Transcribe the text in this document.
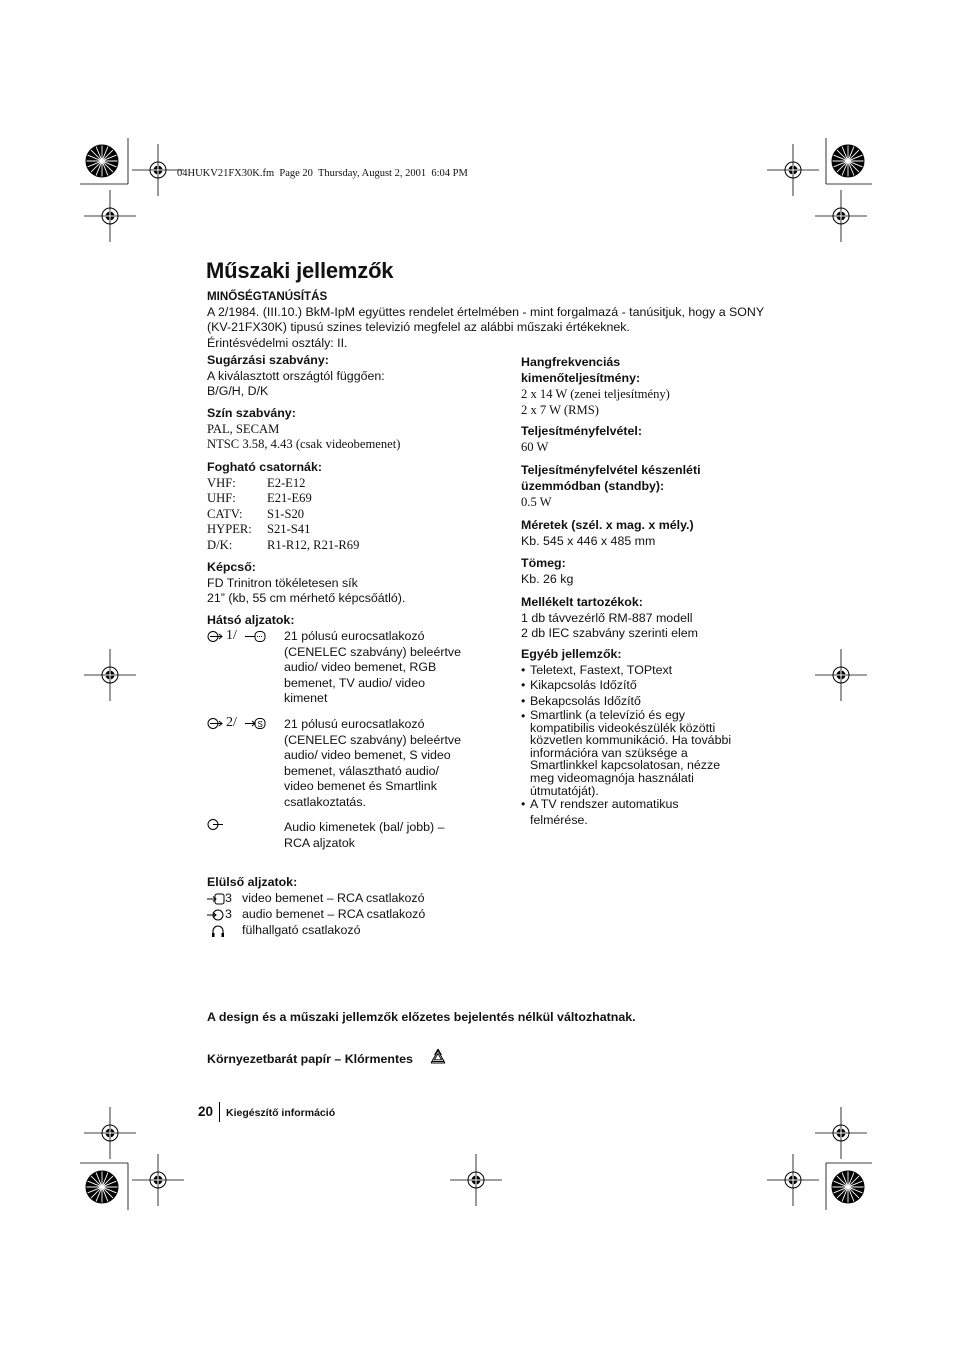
04HUKV21FX30K.fm  Page 20  Thursday, August 2, 2001  6:04 PM
Műszaki jellemzők
MINŐSÉGTANÚSÍTÁS
A 2/1984. (III.10.) BkM-IpM együttes rendelet értelmében - mint forgalmazá - tanúsitjuk, hogy a SONY
(KV-21FX30K) tipusú szines televizió megfelel az alábbi műszaki értékeknek.
Érintésvédelmi osztály: II.
Sugárzási szabvány:
A kiválasztott országtól függően:
B/G/H, D/K
Szín szabvány:
PAL, SECAM
NTSC 3.58, 4.43 (csak videobemenet)
Fogható csatornák:
VHF:	E2-E12
UHF:	E21-E69
CATV:	S1-S20
HYPER:	S21-S41
D/K:	R1-R12, R21-R69
Képcső:
FD Trinitron tökéletesen sík
21” (kb, 55 cm mérhető képcsőátló).
Hátsó aljzatok:
1/	21 pólusú eurocsatlakozó
(CENELEC szabvány) beleértve
audio/ video bemenet, RGB
bemenet, TV audio/ video
kimenet
2/	S 21 pólusú eurocsatlakozó
(CENELEC szabvány) beleértve
audio/ video bemenet, S video
bemenet, választható audio/
video bemenet és Smartlink
csatlakoztatás.
Audio kimenetek (bal/ jobb) –
RCA aljzatok
Elülső aljzatok:
3 video bemenet – RCA csatlakozó
3 audio bemenet – RCA csatlakozó
fülhallgató csatlakozó
Hangfrekvenciás
kimenőteljesítmény:
2 x 14 W (zenei teljesítmény)
2 x 7 W (RMS)
Teljesítményfelvétel:
60 W
Teljesítményfelvétel készenléti
üzemmódban (standby):
0.5 W
Méretek (szél. x mag. x mély.)
Kb. 545 x 446 x 485 mm
Tömeg:
Kb. 26 kg
Mellékelt tartozékok:
1 db távvezérlő RM-887 modell
2 db IEC szabvány szerinti elem
Egyéb jellemzők:
• Teletext, Fastext, TOPtext
• Kikapcsolás Időzítő
• Bekapcsolás Időzítő
• Smartlink (a televízió és egy
kompatibilis videokészülék közötti
közvetlen kommunikáció. Ha további
információra van szüksége a
Smartlinkkel kapcsolatosan, nézze
meg videomagnója használati
útmutatóját).
• A TV rendszer automatikus
felmérése.
A design és a műszaki jellemzők előzetes bejelentés nélkül változhatnak.
Környezetbarát papír – Klórmentes
20 Kiegészítő információ
